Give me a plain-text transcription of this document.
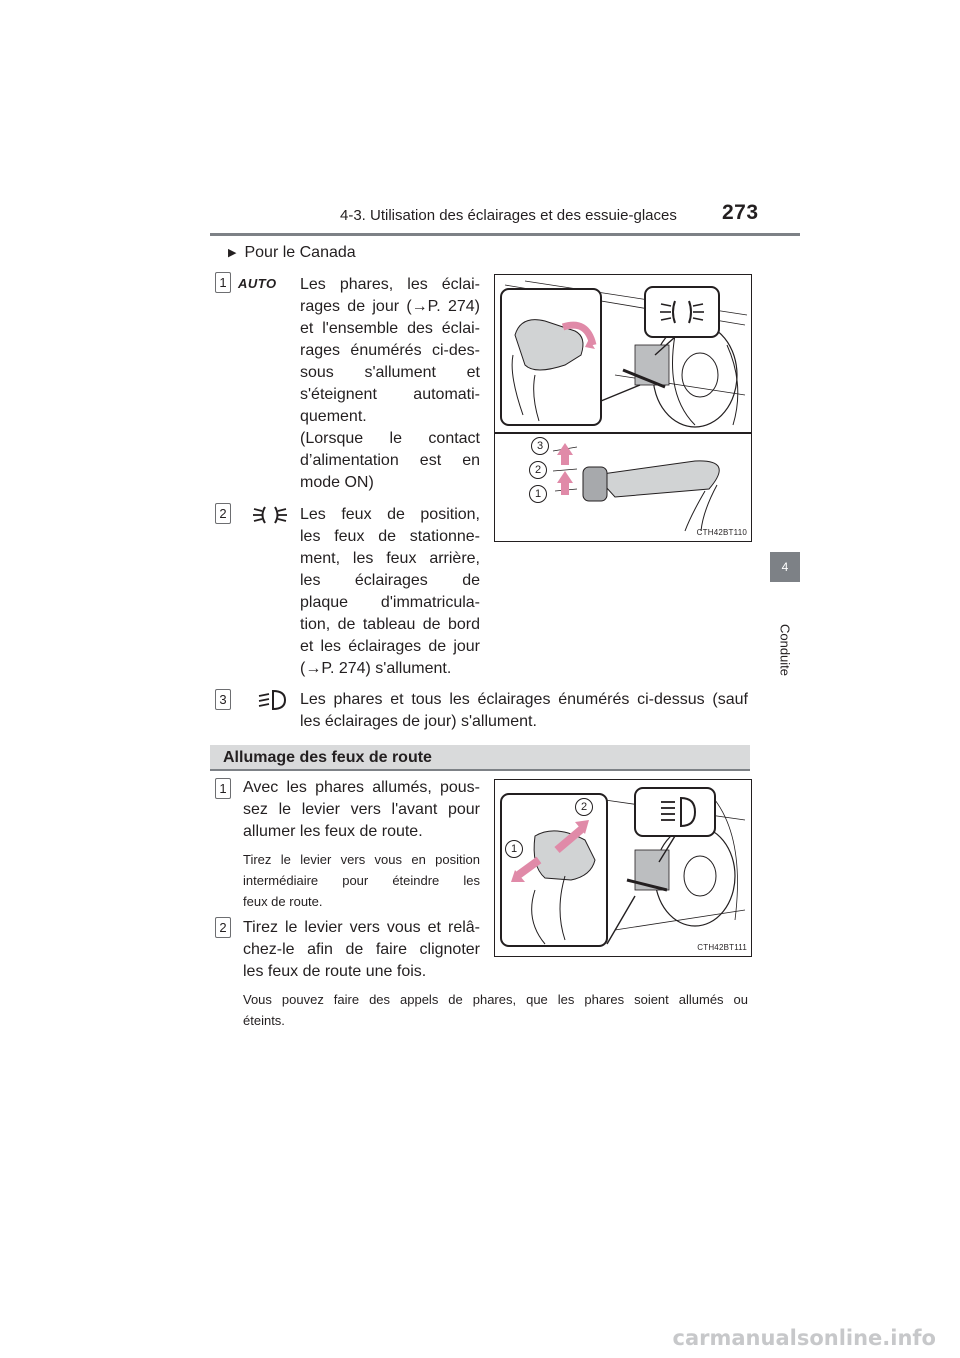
4-3. Utilisation des éclairages et des essuie-glaces 273
4
Conduite
▶ Pour le Canada
1 AUTO Les phares, les éclai-
rages de jour (→P. 274)
et l'ensemble des éclai-
rages énumérés ci-des-
sous s'allument et
s'éteignent automati-
quement.
(Lorsque le contact
d’alimentation est en
mode ON)
2	Les feux de position,
les feux de stationne-
ment, les feux arrière,
les éclairages de
plaque d'immatricula-
tion, de tableau de bord
et les éclairages de jour
(→P. 274) s'allument.
3	Les phares et tous les éclairages énumérés ci-dessus (sauf
les éclairages de jour) s'allument.
3
2
1
CTH42BT110
Allumage des feux de route
1 Avec les phares allumés, pous-
sez le levier vers l'avant pour
allumer les feux de route.
Tirez le levier vers vous en position
intermédiaire pour éteindre les
feux de route.
2 Tirez le levier vers vous et relâ-
chez-le afin de faire clignoter
les feux de route une fois.
Vous pouvez faire des appels de phares, que les phares soient allumés ou
éteints.
2
1
CTH42BT111
carmanualsonline.info
